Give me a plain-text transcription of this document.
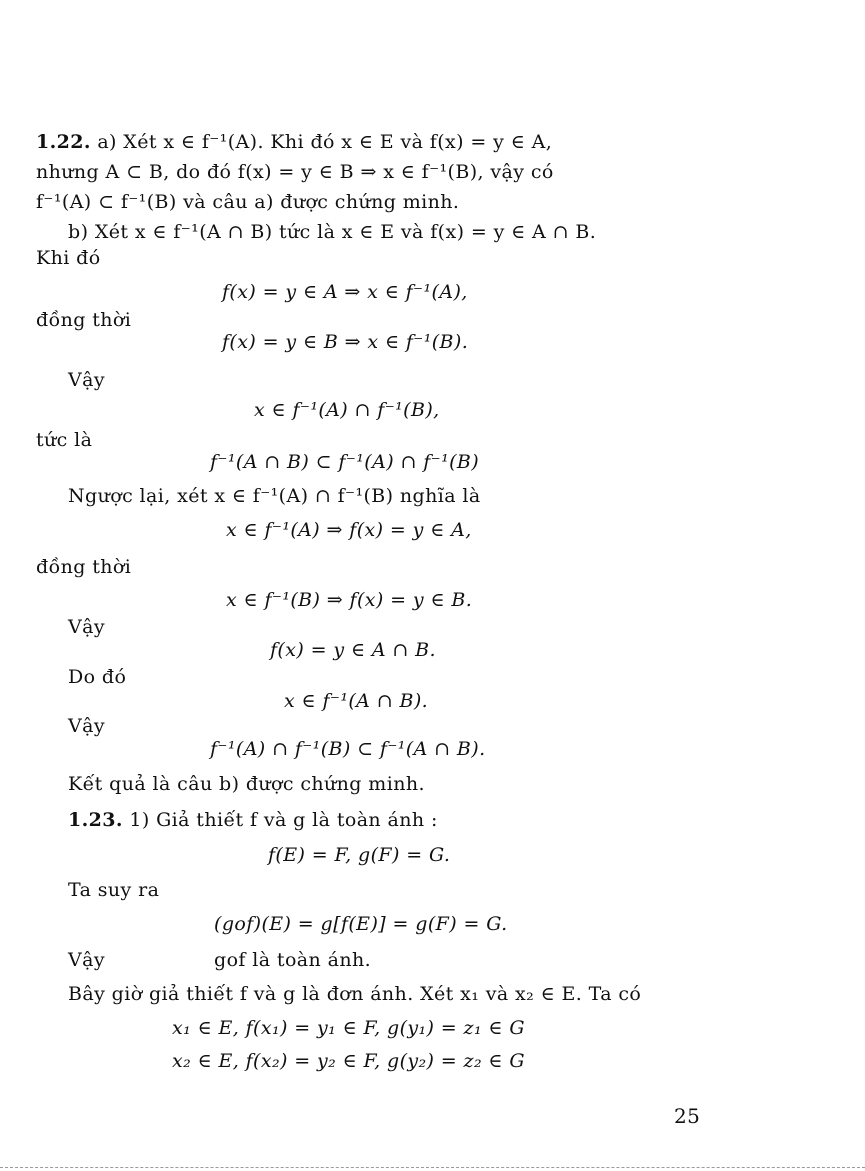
1.22. a) Xét x ∈ f⁻¹(A). Khi đó x ∈ E và f(x) = y ∈ A,
nhưng A ⊂ B, do đó f(x) = y ∈ B ⇒ x ∈ f⁻¹(B), vậy có
f⁻¹(A) ⊂ f⁻¹(B) và câu a) được chứng minh.
b) Xét x ∈ f⁻¹(A ∩ B) tức là x ∈ E và f(x) = y ∈ A ∩ B.
Khi đó
f(x) = y ∈ A ⇒ x ∈ f⁻¹(A),
đồng thời
f(x) = y ∈ B ⇒ x ∈ f⁻¹(B).
Vậy
x ∈ f⁻¹(A) ∩ f⁻¹(B),
tức là
f⁻¹(A ∩ B) ⊂ f⁻¹(A) ∩ f⁻¹(B)
Ngược lại, xét x ∈ f⁻¹(A) ∩ f⁻¹(B) nghĩa là
x ∈ f⁻¹(A) ⇒ f(x) = y ∈ A,
đồng thời
x ∈ f⁻¹(B) ⇒ f(x) = y ∈ B.
Vậy
f(x) = y ∈ A ∩ B.
Do đó
x ∈ f⁻¹(A ∩ B).
Vậy
f⁻¹(A) ∩ f⁻¹(B) ⊂ f⁻¹(A ∩ B).
Kết quả là câu b) được chứng minh.
1.23. 1) Giả thiết f và g là toàn ánh :
f(E) = F, g(F) = G.
Ta suy ra
(gof)(E) = g[f(E)] = g(F) = G.
Vậy	gof là toàn ánh.
Bây giờ giả thiết f và g là đơn ánh. Xét x₁ và x₂ ∈ E. Ta có
x₁ ∈ E, f(x₁) = y₁ ∈ F, g(y₁) = z₁ ∈ G
x₂ ∈ E, f(x₂) = y₂ ∈ F, g(y₂) = z₂ ∈ G
25
